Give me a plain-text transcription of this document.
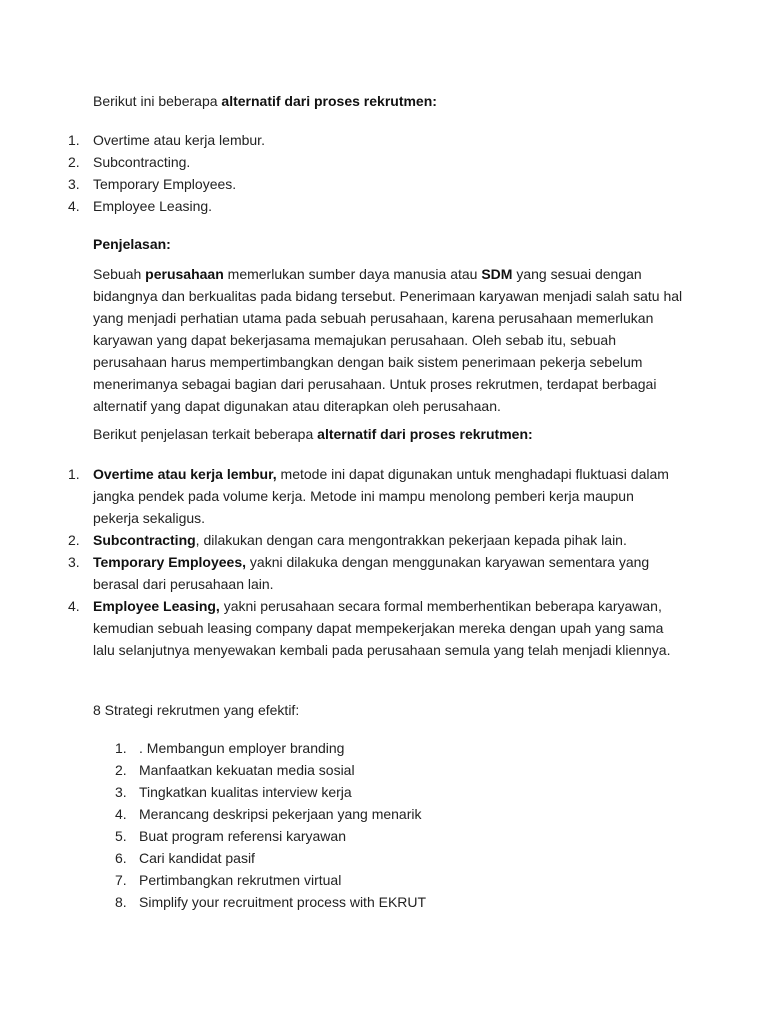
Berikut ini beberapa alternatif dari proses rekrutmen:

1. Overtime atau kerja lembur.
2. Subcontracting.
3. Temporary Employees.
4. Employee Leasing.

Penjelasan:

Sebuah perusahaan memerlukan sumber daya manusia atau SDM yang sesuai dengan bidangnya dan berkualitas pada bidang tersebut. Penerimaan karyawan menjadi salah satu hal yang menjadi perhatian utama pada sebuah perusahaan, karena perusahaan memerlukan karyawan yang dapat bekerjasama memajukan perusahaan. Oleh sebab itu, sebuah perusahaan harus mempertimbangkan dengan baik sistem penerimaan pekerja sebelum menerimanya sebagai bagian dari perusahaan. Untuk proses rekrutmen, terdapat berbagai alternatif yang dapat digunakan atau diterapkan oleh perusahaan.

Berikut penjelasan terkait beberapa alternatif dari proses rekrutmen:

1. Overtime atau kerja lembur, metode ini dapat digunakan untuk menghadapi fluktuasi dalam jangka pendek pada volume kerja. Metode ini mampu menolong pemberi kerja maupun pekerja sekaligus.
2. Subcontracting, dilakukan dengan cara mengontrakkan pekerjaan kepada pihak lain.
3. Temporary Employees, yakni dilakuka dengan menggunakan karyawan sementara yang berasal dari perusahaan lain.
4. Employee Leasing, yakni perusahaan secara formal memberhentikan beberapa karyawan, kemudian sebuah leasing company dapat mempekerjakan mereka dengan upah yang sama lalu selanjutnya menyewakan kembali pada perusahaan semula yang telah menjadi kliennya.

8 Strategi rekrutmen yang efektif:

1. . Membangun employer branding
2. Manfaatkan kekuatan media sosial
3. Tingkatkan kualitas interview kerja
4. Merancang deskripsi pekerjaan yang menarik
5. Buat program referensi karyawan
6. Cari kandidat pasif
7. Pertimbangkan rekrutmen virtual
8. Simplify your recruitment process with EKRUT
